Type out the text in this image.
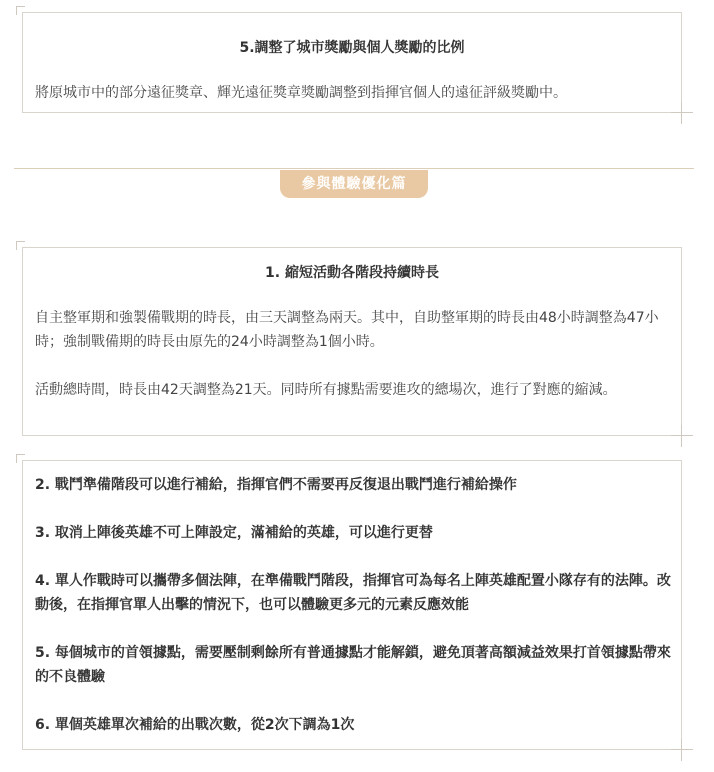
5.調整了城市獎勵與個人獎勵的比例

將原城市中的部分遠征獎章、輝光遠征獎章獎勵調整到指揮官個人的遠征評級獎勵中。

參與體驗優化篇

1. 縮短活動各階段持續時長

自主整軍期和強製備戰期的時長，由三天調整為兩天。其中，自助整軍期的時長由48小時調整為47小時；強制戰備期的時長由原先的24小時調整為1個小時。

活動總時間，時長由42天調整為21天。同時所有據點需要進攻的總場次，進行了對應的縮減。

2. 戰鬥準備階段可以進行補給，指揮官們不需要再反復退出戰鬥進行補給操作

3. 取消上陣後英雄不可上陣設定，滿補給的英雄，可以進行更替

4. 單人作戰時可以攜帶多個法陣，在準備戰鬥階段，指揮官可為每名上陣英雄配置小隊存有的法陣。改動後，在指揮官單人出擊的情況下，也可以體驗更多元的元素反應效能

5. 每個城市的首領據點，需要壓制剩餘所有普通據點才能解鎖，避免頂著高額減益效果打首領據點帶來的不良體驗

6. 單個英雄單次補給的出戰次數，從2次下調為1次
